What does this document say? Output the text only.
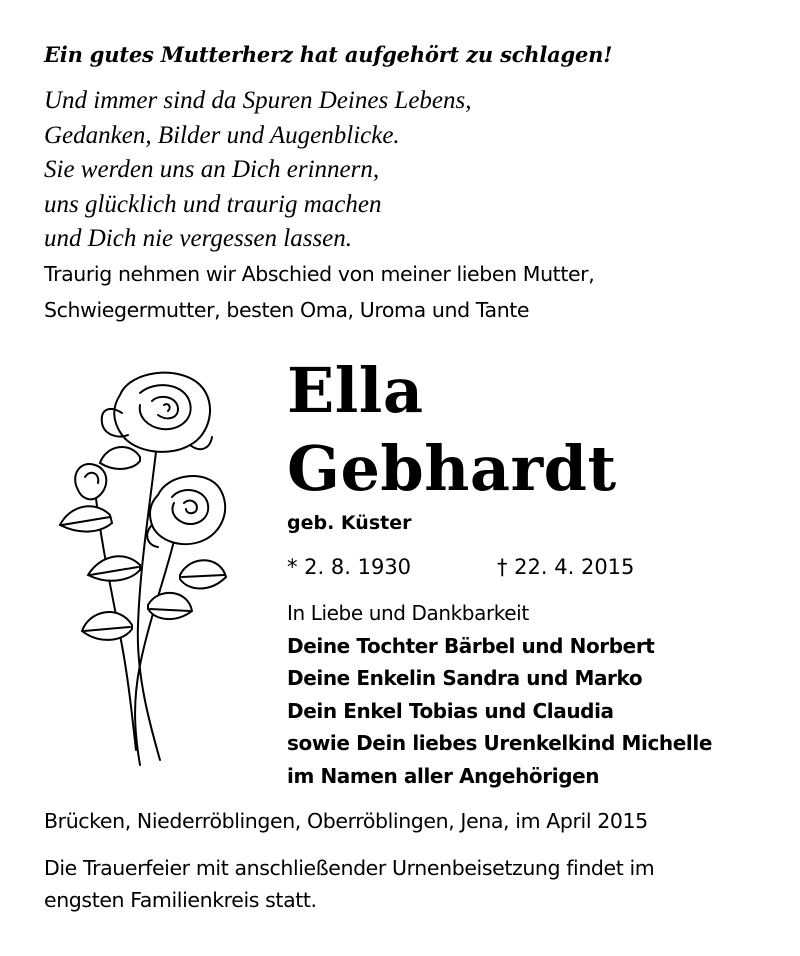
Ein gutes Mutterherz hat aufgehört zu schlagen!
Und immer sind da Spuren Deines Lebens,
Gedanken, Bilder und Augenblicke.
Sie werden uns an Dich erinnern,
uns glücklich und traurig machen
und Dich nie vergessen lassen.
Traurig nehmen wir Abschied von meiner lieben Mutter,
Schwiegermutter, besten Oma, Uroma und Tante
Ella
Gebhardt
geb. Küster
* 2. 8. 1930	† 22. 4. 2015
In Liebe und Dankbarkeit
Deine Tochter Bärbel und Norbert
Deine Enkelin Sandra und Marko
Dein Enkel Tobias und Claudia
sowie Dein liebes Urenkelkind Michelle
im Namen aller Angehörigen
Brücken, Niederröblingen, Oberröblingen, Jena, im April 2015
Die Trauerfeier mit anschließender Urnenbeisetzung findet im
engsten Familienkreis statt.
